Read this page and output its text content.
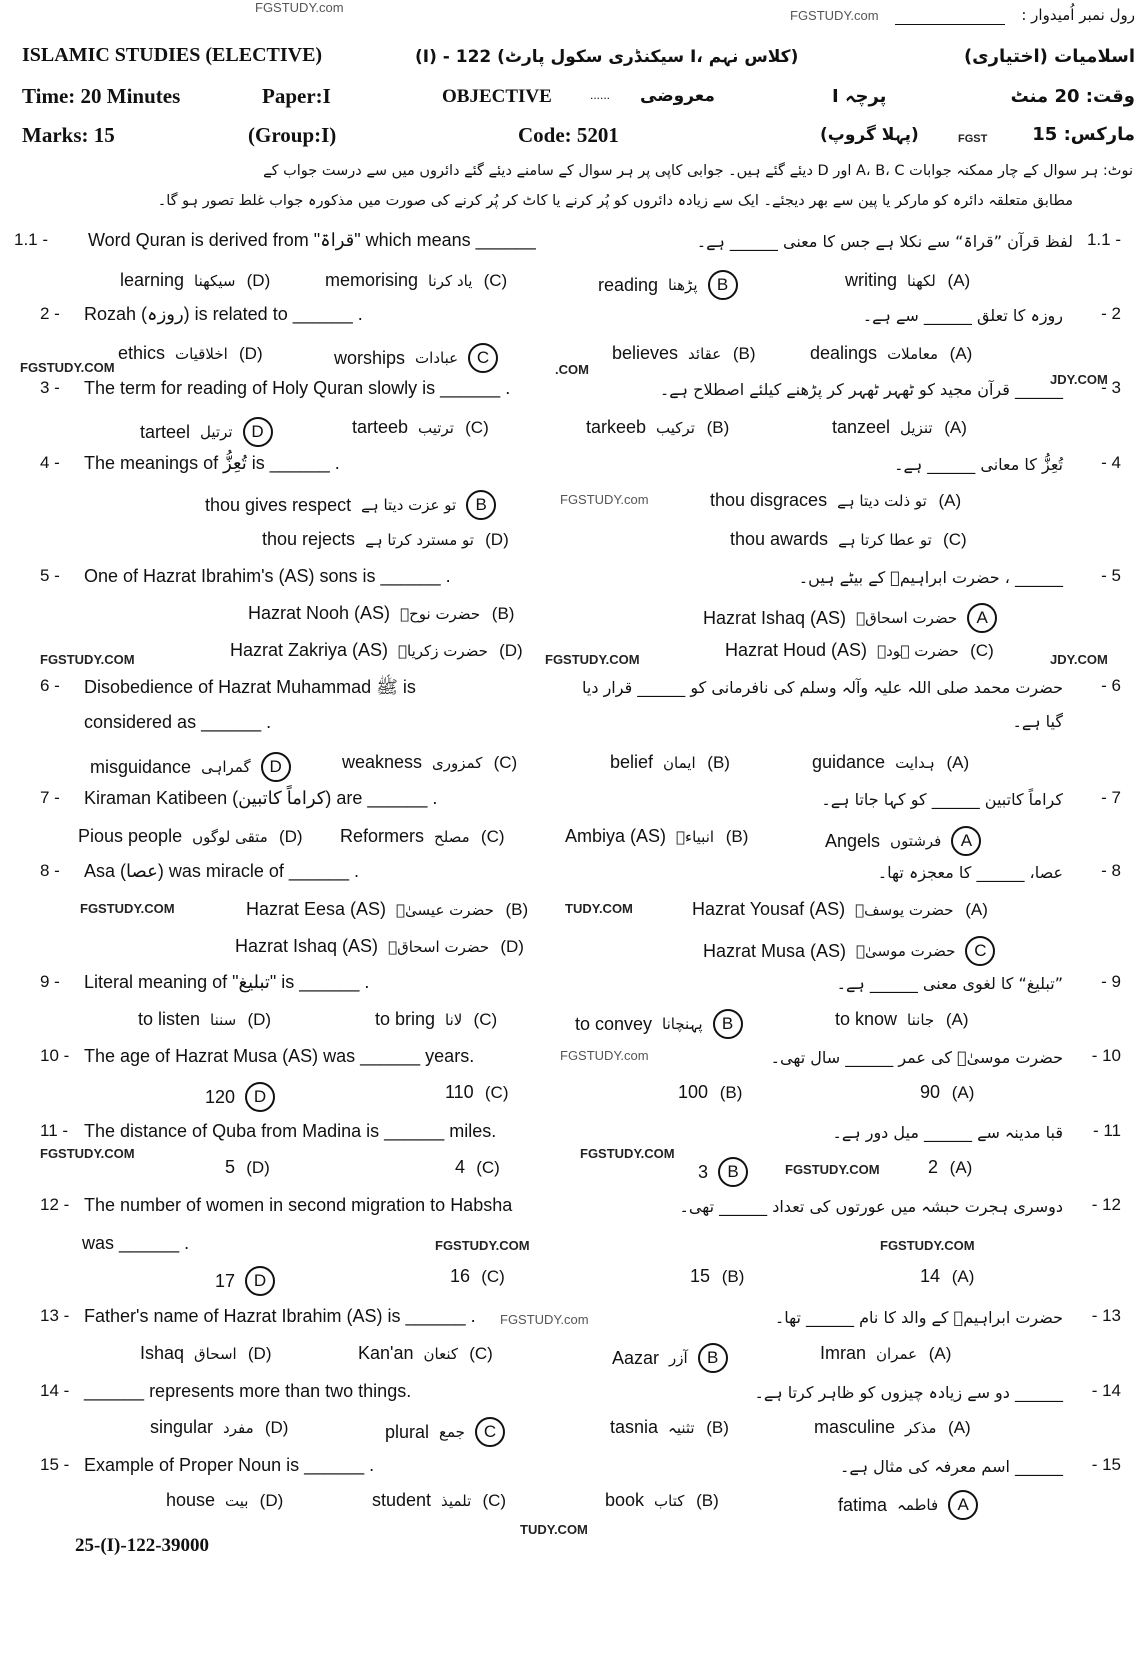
FGSTUDY.com
FGSTUDY.com	رول نمبر اُمیدوار :
ISLAMIC STUDIES (ELECTIVE)	(I) - 122 (سیکنڈری سکول پارٹ I، کلاس نہم)	اسلامیات (اختیاری)
Time: 20 Minutes	Paper:I	OBJECTIVE	...... معروضی	پرچہ I	وقت: 20 منٹ
Marks: 15	(Group:I)	Code: 5201	(پہلا گروپ)	FGST مارکس: 15
نوٹ: ہر سوال کے چار ممکنہ جوابات A، B، C اور D دیئے گئے ہیں۔ جوابی کاپی پر ہر سوال کے سامنے دیئے گئے دائروں میں سے درست جواب کے
مطابق متعلقہ دائرہ کو مارکر یا پین سے بھر دیجئے۔ ایک سے زیادہ دائروں کو پُر کرنے یا کاٹ کر پُر کرنے کی صورت میں مذکورہ جواب غلط تصور ہو گا۔
1.1 - Word Quran is derived from "قراۃ" which means ______	لفظ قرآن ”قراۃ“ سے نکلا ہے جس کا معنی ______ ہے۔ 1.1 -
learning سیکھنا (D)	memorising یاد کرنا (C)	reading پڑھنا	B	writing لکھنا (A)
2 - Rozah (روزہ) is related to ______ .	روزہ کا تعلق ______ سے ہے۔ - 2
ethics اخلاقیات (D)	worships عبادات	C	believes عقائد (B)	dealings معاملات (A)
3 - The term for reading of Holy Quran slowly is ______ .	______ قرآن مجید کو ٹھہر ٹھہر کر پڑھنے کیلئے اصطلاح ہے۔ - 3
tarteel ترتیل	D	tarteeb ترتیب (C)	tarkeeb ترکیب (B)	tanzeel تنزیل (A)
4 - The meanings of تُعِزُّ is ______ .	تُعِزُّ کا معانی ______ ہے۔ - 4
thou gives respect تو عزت دیتا ہے	B	thou disgraces تو ذلت دیتا ہے (A)
thou rejects تو مسترد کرتا ہے (D)	thou awards تو عطا کرتا ہے (C)
5 - One of Hazrat Ibrahim's (AS) sons is ______ .	______ ، حضرت ابراہیمؑ کے بیٹے ہیں۔ - 5
Hazrat Nooh (AS) حضرت نوحؑ (B)	Hazrat Ishaq (AS) حضرت اسحاقؑ	A
Hazrat Zakriya (AS) حضرت زکریاؑ (D)	Hazrat Houd (AS) حضرت ہودؑ (C)
6 - Disobedience of Hazrat Muhammad ﷺ is	حضرت محمد صلی اللہ علیہ وآلہ وسلم کی نافرمانی کو ______ قرار دیا - 6
considered as ______ .	گیا ہے۔
misguidance گمراہی	D	weakness کمزوری (C)	belief ایمان (B)	guidance ہدایت (A)
7 - Kiraman Katibeen (کراماً کاتبین) are ______ .	کراماً کاتبین ______ کو کہا جاتا ہے۔ - 7
Pious people متقی لوگوں (D) Reformers مصلح (C)	Ambiya (AS) انبیاءؑ (B)	Angels فرشتوں	A
8 - Asa (عصا) was miracle of ______ .	عصا، ______ کا معجزہ تھا۔ - 8
Hazrat Eesa (AS) حضرت عیسیٰؑ (B)	Hazrat Yousaf (AS) حضرت یوسفؑ (A)
Hazrat Ishaq (AS) حضرت اسحاقؑ (D)	Hazrat Musa (AS) حضرت موسیٰؑ	C
9 - Literal meaning of "تبلیغ" is ______ .	”تبلیغ“ کا لغوی معنی ______ ہے۔ - 9
to listen سننا (D)	to bring لانا (C)	to convey پہنچانا	B	to know جاننا (A)
10 - The age of Hazrat Musa (AS) was ______ years.	حضرت موسیٰؑ کی عمر ______ سال تھی۔ - 10
120	D	110 (C)	100 (B)	90 (A)
11 - The distance of Quba from Madina is ______ miles.	قبا مدینہ سے ______ میل دور ہے۔ - 11
5 (D)	4 (C)	3	B	2 (A)
12 - The number of women in second migration to Habsha	دوسری ہجرت حبشہ میں عورتوں کی تعداد ______ تھی۔ - 12
was ______ .
17	D	16 (C)	15 (B)	14 (A)
13 - Father's name of Hazrat Ibrahim (AS) is ______ .	حضرت ابراہیمؑ کے والد کا نام ______ تھا۔ - 13
Ishaq اسحاق (D)	Kan'an کنعان (C)	Aazar آزر	B	Imran عمران (A)
14 - ______ represents more than two things.	______ دو سے زیادہ چیزوں کو ظاہر کرتا ہے۔ - 14
singular مفرد (D)	plural جمع	C	tasnia تثنیہ (B)	masculine مذکر (A)
15 - Example of Proper Noun is ______ .	______ اسم معرفہ کی مثال ہے۔ - 15
house بیت (D)	student تلمیذ (C)	book کتاب (B)	fatima فاطمہ	A
FGSTUDY.COM	.COM
FGSTUDY.COM	FGSTUDY.COM
TUDY.COM
FGSTUDY.COM
FGSTUDY.COM	FGSTUDY.COM
FGSTUDY.COM
FGSTUDY.COM	FGSTUDY.COM
FGSTUDY.com
FGSTUDY.com
FGSTUDY.com
JDY.COM
JDY.COM
TUDY.COM
25-(I)-122-39000
